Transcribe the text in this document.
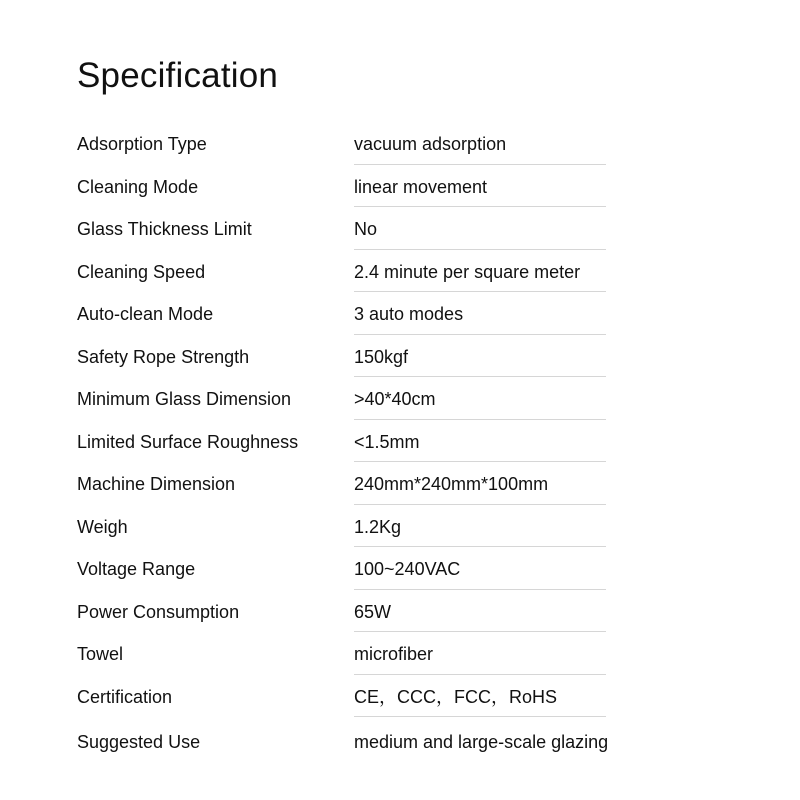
Specification
Adsorption Type	vacuum adsorption
Cleaning Mode	linear movement
Glass Thickness Limit	No
Cleaning Speed	2.4 minute per square meter
Auto-clean Mode	3 auto modes
Safety Rope Strength	150kgf
Minimum Glass Dimension	>40*40cm
Limited Surface Roughness	<1.5mm
Machine Dimension	240mm*240mm*100mm
Weigh	1.2Kg
Voltage Range	100~240VAC
Power Consumption	65W
Towel	microfiber
Certification	CE，CCC，FCC，RoHS
Suggested Use	medium and large-scale glazing
